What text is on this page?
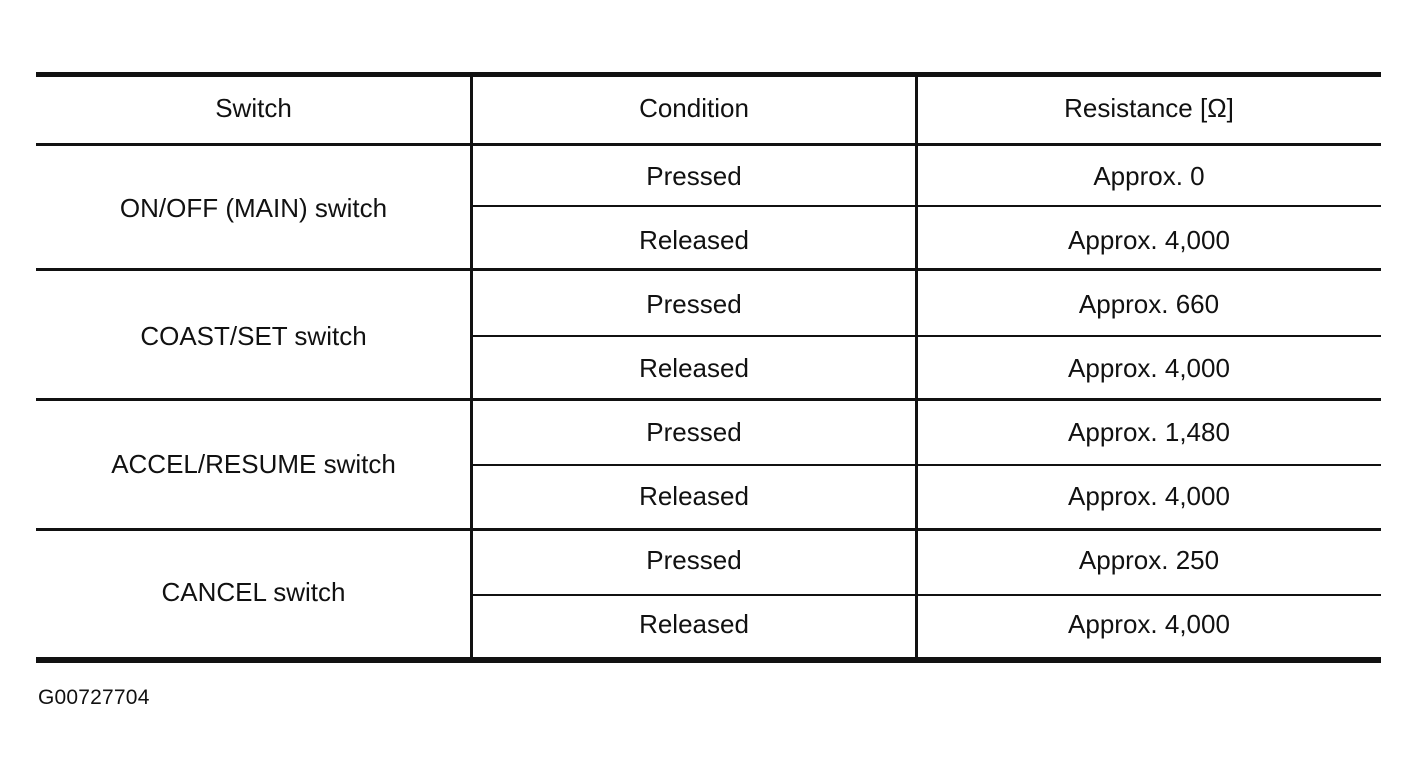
Switch	Condition	Resistance [Ω]
ON/OFF (MAIN) switch	Pressed	Approx. 0
	Released	Approx. 4,000
COAST/SET switch	Pressed	Approx. 660
	Released	Approx. 4,000
ACCEL/RESUME switch	Pressed	Approx. 1,480
	Released	Approx. 4,000
CANCEL switch	Pressed	Approx. 250
	Released	Approx. 4,000
G00727704
